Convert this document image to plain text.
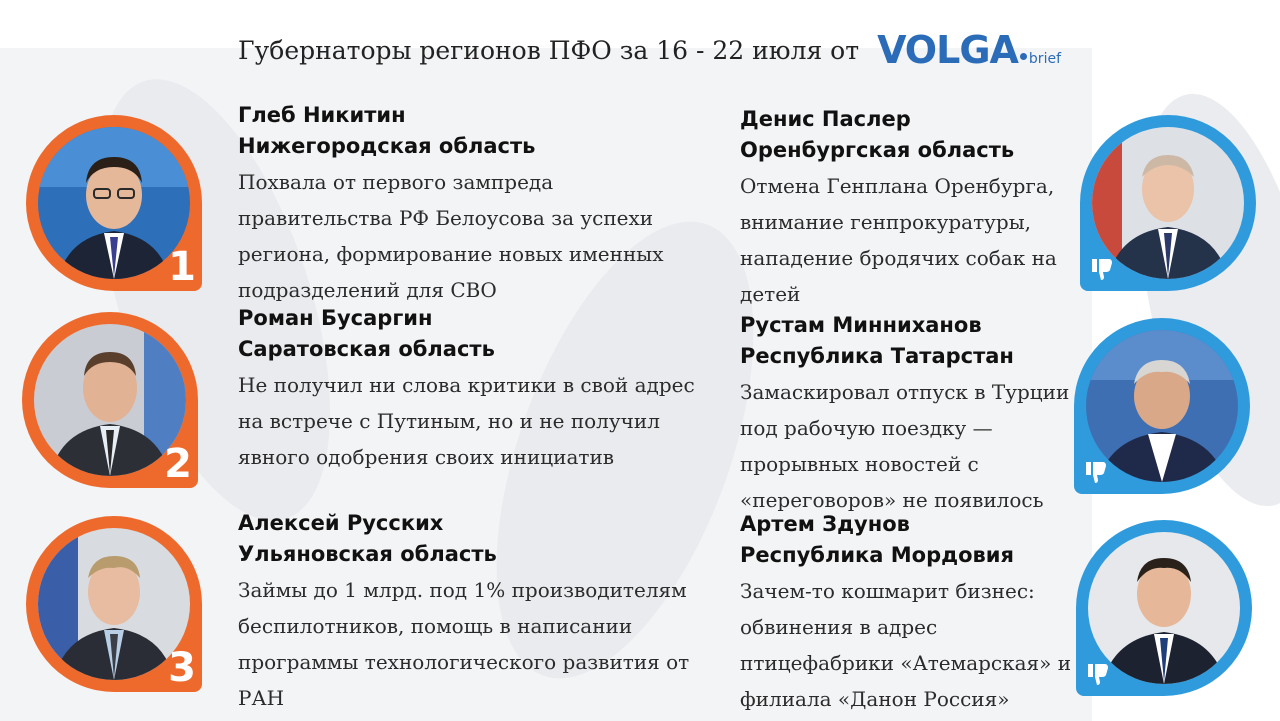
Губернаторы регионов ПФО за 16 - 22 июля от VOLGA brief
1
2
3
Глеб Никитин
Нижегородская область
Похвала от первого зампреда правительства РФ Белоусова за успехи региона, формирование новых именных подразделений для СВО
Роман Бусаргин
Саратовская область
Не получил ни слова критики в свой адрес на встрече с Путиным, но и не получил явного одобрения своих инициатив
Алексей Русских
Ульяновская область
Займы до 1 млрд. под 1% производителям беспилотников, помощь в написании программы технологического развития от РАН
Денис Паслер
Оренбургская область
Отмена Генплана Оренбурга, внимание генпрокуратуры, нападение бродячих собак на детей
Рустам Минниханов
Республика Татарстан
Замаскировал отпуск в Турции под рабочую поездку — прорывных новостей с «переговоров» не появилось
Артем Здунов
Республика Мордовия
Зачем-то кошмарит бизнес: обвинения в адрес птицефабрики «Атемарская» и филиала «Данон Россия»
